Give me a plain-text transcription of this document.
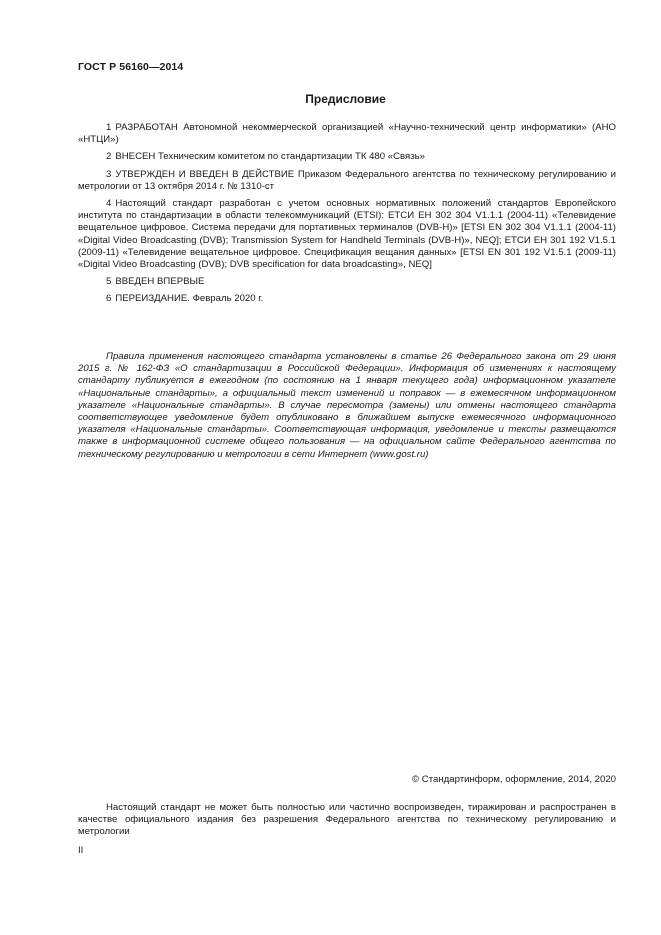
ГОСТ Р 56160—2014
Предисловие

1 РАЗРАБОТАН Автономной некоммерческой организацией «Научно-технический центр информатики» (АНО «НТЦИ»)

2 ВНЕСЕН Техническим комитетом по стандартизации ТК 480 «Связь»

3 УТВЕРЖДЕН И ВВЕДЕН В ДЕЙСТВИЕ Приказом Федерального агентства по техническому регулированию и метрологии от 13 октября 2014 г. № 1310-ст

4 Настоящий стандарт разработан с учетом основных нормативных положений стандартов Европейского института по стандартизации в области телекоммуникаций (ETSI): ЕТСИ ЕН 302 304 V1.1.1 (2004-11) «Телевидение вещательное цифровое. Система передачи для портативных терминалов (DVB-H)» [ETSI EN 302 304 V1.1.1 (2004-11) «Digital Video Broadcasting (DVB); Transmission System for Handheld Terminals (DVB-H)», NEQ]; ЕТСИ ЕН 301 192 V1.5.1 (2009-11) «Телевидение вещательное цифровое. Спецификация вещания данных» [ETSI EN 301 192 V1.5.1 (2009-11) «Digital Video Broadcasting (DVB); DVB specification for data broadcasting», NEQ]

5 ВВЕДЕН ВПЕРВЫЕ

6 ПЕРЕИЗДАНИЕ. Февраль 2020 г.

Правила применения настоящего стандарта установлены в статье 26 Федерального закона от 29 июня 2015 г. № 162-ФЗ «О стандартизации в Российской Федерации». Информация об изменениях к настоящему стандарту публикуется в ежегодном (по состоянию на 1 января текущего года) информационном указателе «Национальные стандарты», а официальный текст изменений и поправок — в ежемесячном информационном указателе «Национальные стандарты». В случае пересмотра (замены) или отмены настоящего стандарта соответствующее уведомление будет опубликовано в ближайшем выпуске ежемесячного информационного указателя «Национальные стандарты». Соответствующая информация, уведомление и тексты размещаются также в информационной системе общего пользования — на официальном сайте Федерального агентства по техническому регулированию и метрологии в сети Интернет (www.gost.ru)

© Стандартинформ, оформление, 2014, 2020

Настоящий стандарт не может быть полностью или частично воспроизведен, тиражирован и распространен в качестве официального издания без разрешения Федерального агентства по техническому регулированию и метрологии

II
